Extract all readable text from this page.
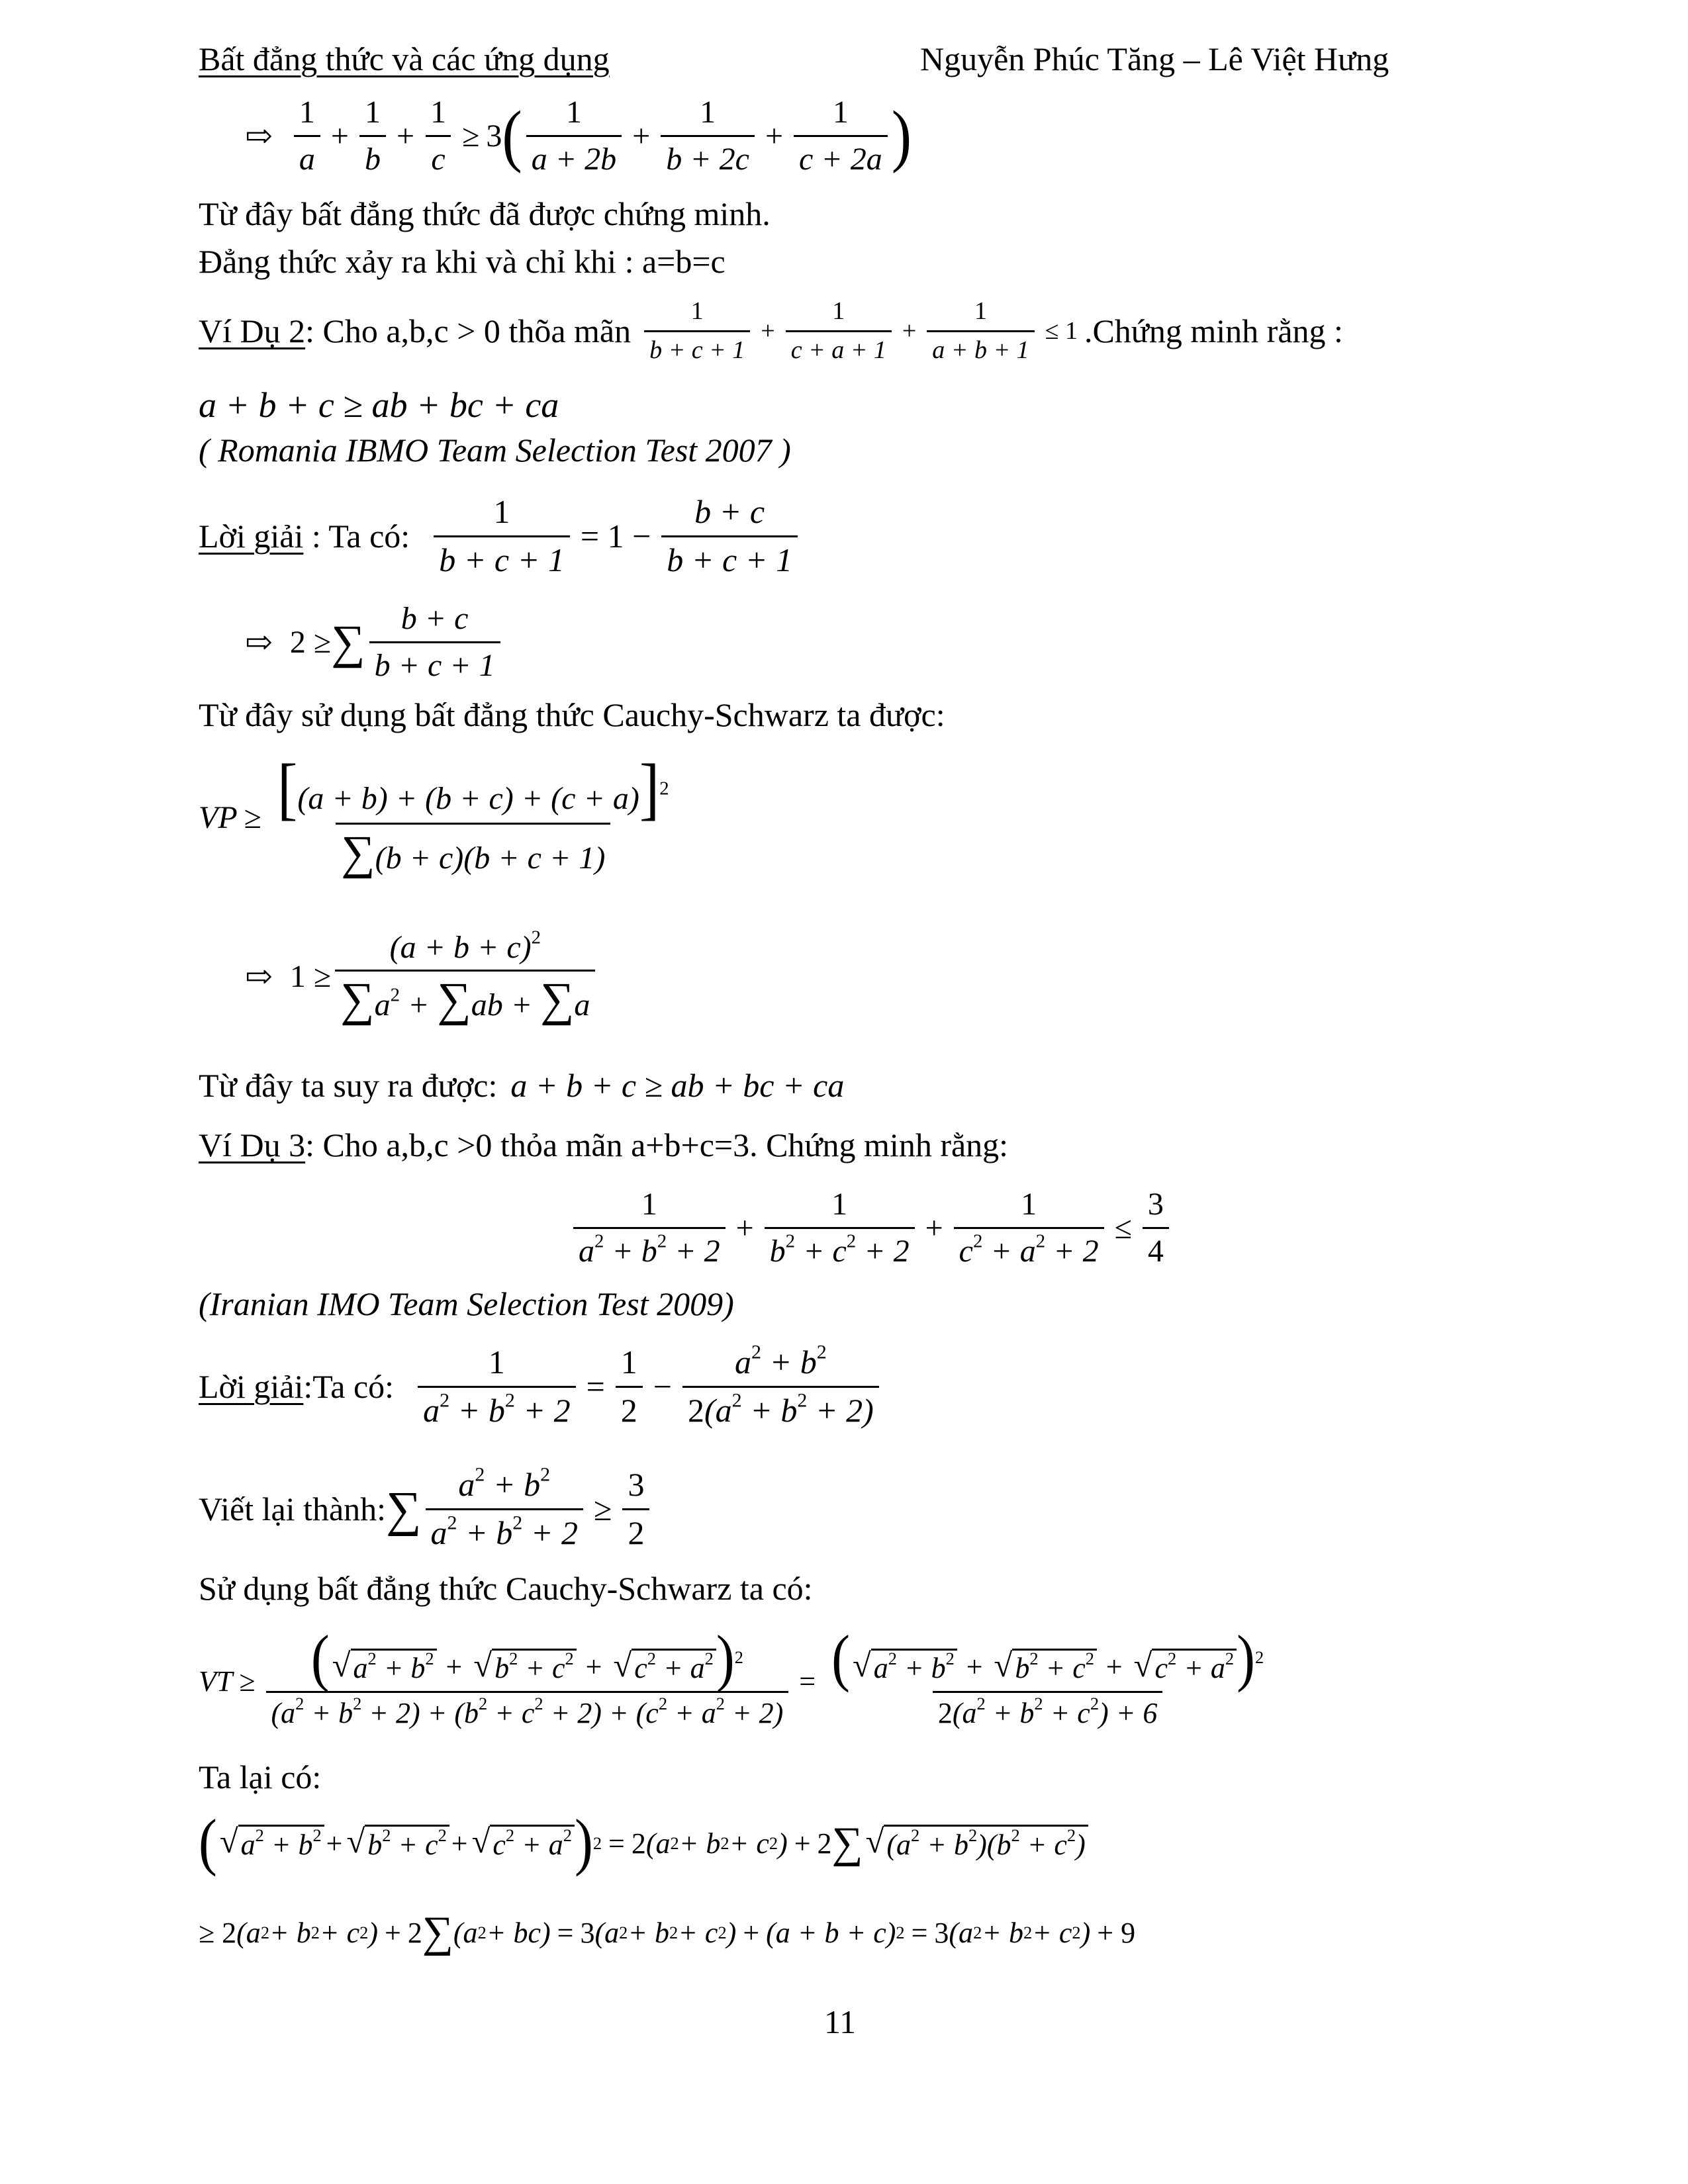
Bất đẳng thức và các ứng dụng	Nguyễn Phúc Tăng – Lê Việt Hưng
⇨ $\frac{1}{a} + \frac{1}{b} + \frac{1}{c} \ge 3$ ( $\frac{1}{a + 2b} + \frac{1}{b + 2c} + \frac{1}{c + 2a}$ )
Từ đây bất đẳng thức đã được chứng minh.
Đẳng thức xảy ra khi và chỉ khi : a=b=c
Ví Dụ 2 : Cho a,b,c > 0 thõa mãn $\frac{1}{b + c + 1} + \frac{1}{c + a + 1} + \frac{1}{a + b + 1} \le 1$ .Chứng minh rằng :
a + b + c ≥ ab + bc + ca
( Romania IBMO Team Selection Test 2007 )
Lời giải : Ta có: $\frac{1}{b + c + 1} = 1 - \frac{b + c}{b + c + 1}$
⇨ 2 ≥ ∑ $\frac{b + c}{b + c + 1}$
Từ đây sử dụng bất đẳng thức Cauchy-Schwarz ta được:
VP ≥ $\frac{[(a + b) + (b + c) + (c + a)]^2}{\sum(b + c)(b + c + 1)}$
⇨ $1 \ge \frac{(a + b + c)^2}{\sum a^2 + \sum ab + \sum a}$
Từ đây ta suy ra được: a + b + c ≥ ab + bc + ca
Ví Dụ 3 : Cho a,b,c >0 thỏa mãn a+b+c=3. Chứng minh rằng:
$\frac{1}{a^2 + b^2 + 2} + \frac{1}{b^2 + c^2 + 2} + \frac{1}{c^2 + a^2 + 2} \le \frac{3}{4}$
(Iranian IMO Team Selection Test 2009)
Lời giải :Ta có: $\frac{1}{a^2 + b^2 + 2} = \frac{1}{2} - \frac{a^2 + b^2}{2(a^2 + b^2 + 2)}$
Viết lại thành: ∑ $\frac{a^2 + b^2}{a^2 + b^2 + 2} \ge \frac{3}{2}$
Sử dụng bất đẳng thức Cauchy-Schwarz ta có:
VT ≥ $\frac{( √ a^2 + b^2 + √ b^2 + c^2 + √ c^2 + a^2 )^2}{(a^2 + b^2 + 2) + (b^2 + c^2 + 2) + (c^2 + a^2 + 2)} = \frac{( √ a^2 + b^2 + √ b^2 + c^2 + √ c^2 + a^2 )^2}{2(a^2 + b^2 + c^2) + 6}$
Ta lại có:
( √ $a^2 + b^2$ + √ $b^2 + c^2$ + √ $c^2 + a^2$ ) 2 = 2 (a 2 + b 2 + c 2 ) + 2 ∑ √ $(a^2 + b^2)(b^2 + c^2)$
≥ 2 (a 2 + b 2 + c 2 ) + 2 ∑ (a 2 + bc) = 3 (a 2 + b 2 + c 2 ) + (a + b + c) 2 = 3 (a 2 + b 2 + c 2 ) + 9
11
